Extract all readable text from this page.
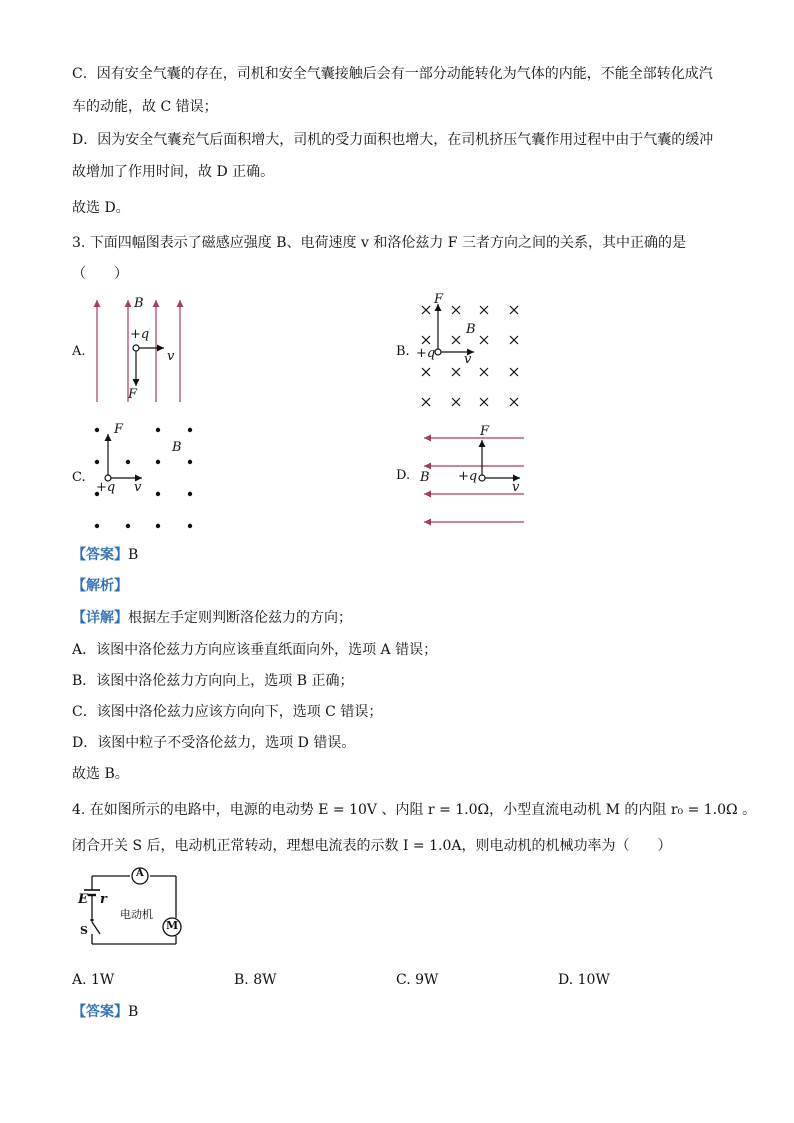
C．因有安全气囊的存在，司机和安全气囊接触后会有一部分动能转化为气体的内能，不能全部转化成汽
车的动能，故 C 错误；
D．因为安全气囊充气后面积增大，司机的受力面积也增大，在司机挤压气囊作用过程中由于气囊的缓冲
故增加了作用时间，故 D 正确。
故选 D。
3. 下面四幅图表示了磁感应强度 B、电荷速度 v 和洛伦兹力 F 三者方向之间的关系，其中正确的是
（　　）
A.
B
+q
v
F
B.
F
B
+q v
C.
F
B
+q v
D.
F
B +q
v
【答案】B
【解析】
【详解】根据左手定则判断洛伦兹力的方向；
A．该图中洛伦兹力方向应该垂直纸面向外，选项 A 错误；
B．该图中洛伦兹力方向向上，选项 B 正确；
C．该图中洛伦兹力应该方向向下，选项 C 错误；
D．该图中粒子不受洛伦兹力，选项 D 错误。
故选 B。
4. 在如图所示的电路中，电源的电动势 E = 10V 、内阻 r = 1.0Ω，小型直流电动机 M 的内阻 r₀ = 1.0Ω 。
闭合开关 S 后，电动机正常转动，理想电流表的示数 I = 1.0A，则电动机的机械功率为（　　）
A
E r
S
电动机
M
A. 1W	B. 8W	C. 9W	D. 10W
【答案】B
